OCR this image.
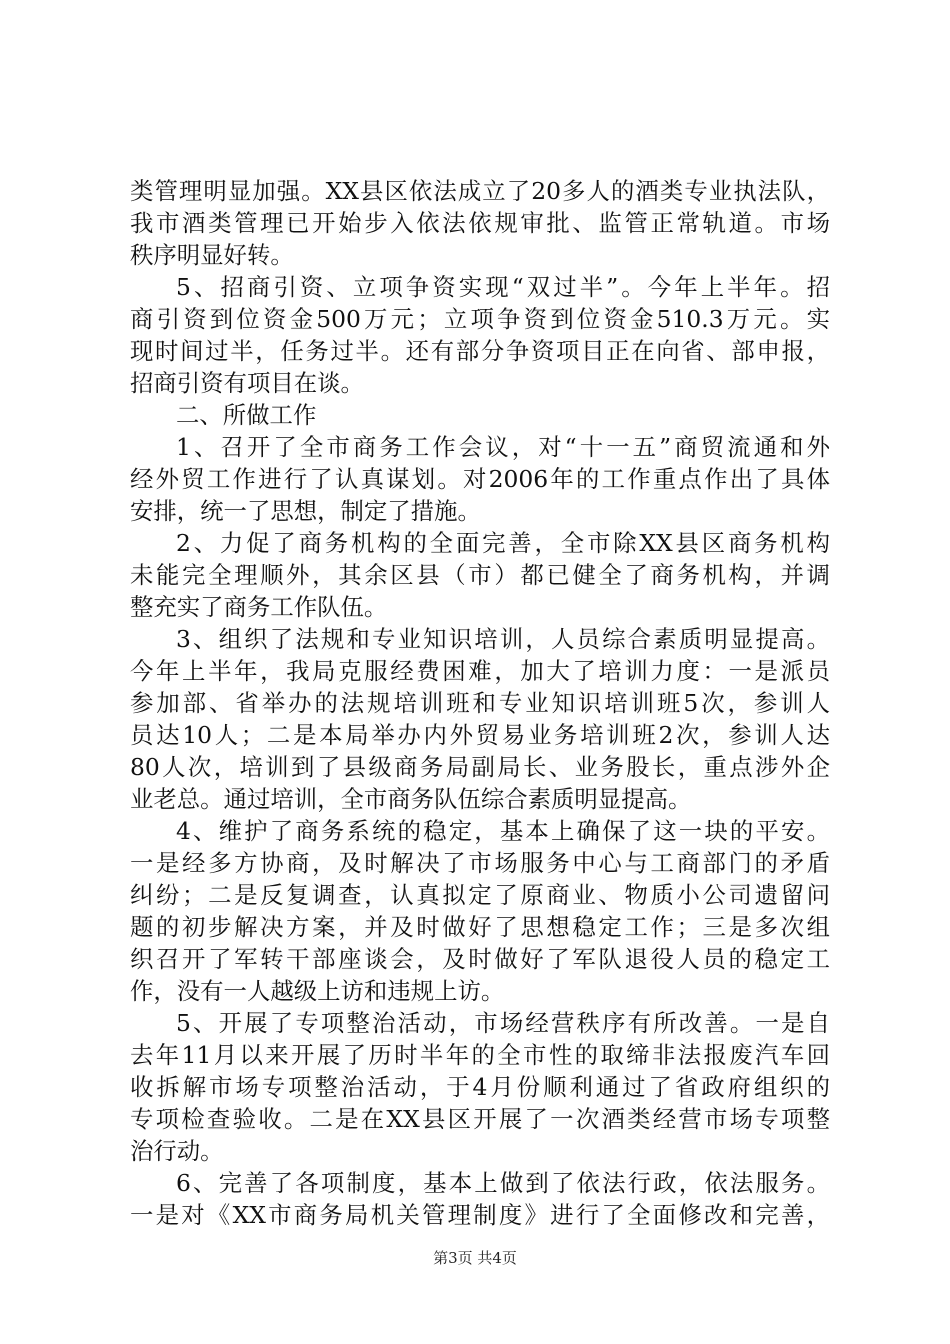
类管理明显加强。XX县区依法成立了20多人的酒类专业执法队，
我市酒类管理已开始步入依法依规审批、监管正常轨道。市场
秩序明显好转。
5、招商引资、立项争资实现“双过半”。今年上半年。招
商引资到位资金500万元；立项争资到位资金510.3万元。实
现时间过半，任务过半。还有部分争资项目正在向省、部申报，
招商引资有项目在谈。
二、所做工作
1、召开了全市商务工作会议，对“十一五”商贸流通和外
经外贸工作进行了认真谋划。对2006年的工作重点作出了具体
安排，统一了思想，制定了措施。
2、力促了商务机构的全面完善，全市除XX县区商务机构
未能完全理顺外，其余区县（市）都已健全了商务机构，并调
整充实了商务工作队伍。
3、组织了法规和专业知识培训，人员综合素质明显提高。
今年上半年，我局克服经费困难，加大了培训力度：一是派员
参加部、省举办的法规培训班和专业知识培训班5次，参训人
员达10人；二是本局举办内外贸易业务培训班2次，参训人达
80人次，培训到了县级商务局副局长、业务股长，重点涉外企
业老总。通过培训，全市商务队伍综合素质明显提高。
4、维护了商务系统的稳定，基本上确保了这一块的平安。
一是经多方协商，及时解决了市场服务中心与工商部门的矛盾
纠纷；二是反复调查，认真拟定了原商业、物质小公司遗留问
题的初步解决方案，并及时做好了思想稳定工作；三是多次组
织召开了军转干部座谈会，及时做好了军队退役人员的稳定工
作，没有一人越级上访和违规上访。
5、开展了专项整治活动，市场经营秩序有所改善。一是自
去年11月以来开展了历时半年的全市性的取缔非法报废汽车回
收拆解市场专项整治活动，于4月份顺利通过了省政府组织的
专项检查验收。二是在XX县区开展了一次酒类经营市场专项整
治行动。
6、完善了各项制度，基本上做到了依法行政，依法服务。
一是对《XX市商务局机关管理制度》进行了全面修改和完善，
第3页 共4页
